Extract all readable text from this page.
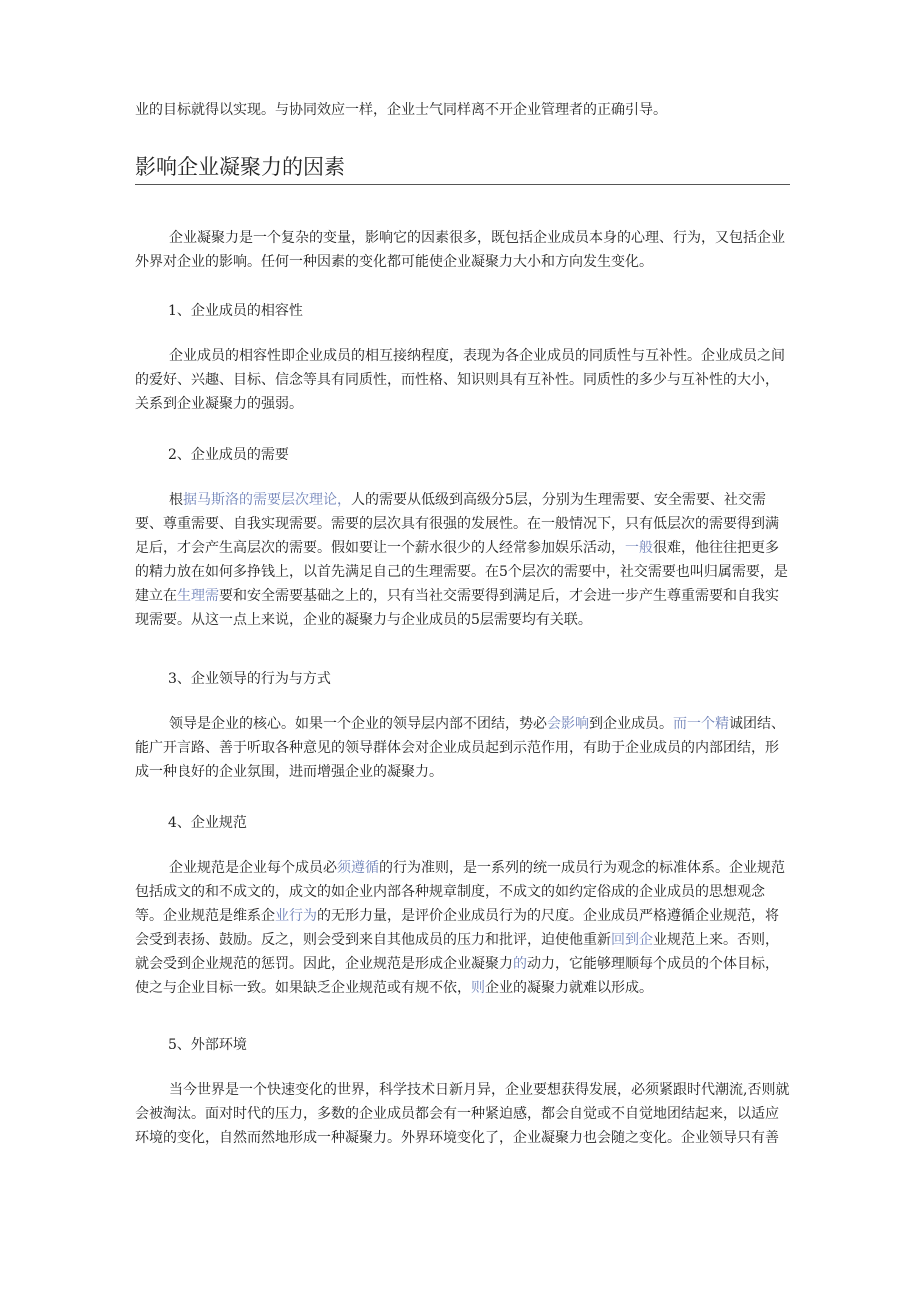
业的目标就得以实现。与协同效应一样，企业士气同样离不开企业管理者的正确引导。
影响企业凝聚力的因素
企业凝聚力是一个复杂的变量，影响它的因素很多，既包括企业成员本身的心理、行为，又包括企业外界对企业的影响。任何一种因素的变化都可能使企业凝聚力大小和方向发生变化。
1、企业成员的相容性
企业成员的相容性即企业成员的相互接纳程度，表现为各企业成员的同质性与互补性。企业成员之间的爱好、兴趣、目标、信念等具有同质性，而性格、知识则具有互补性。同质性的多少与互补性的大小，关系到企业凝聚力的强弱。
2、企业成员的需要
根据马斯洛的需要层次理论，人的需要从低级到高级分5层，分别为生理需要、安全需要、社交需要、尊重需要、自我实现需要。需要的层次具有很强的发展性。在一般情况下，只有低层次的需要得到满足后，才会产生高层次的需要。假如要让一个薪水很少的人经常参加娱乐活动，一般很难，他往往把更多的精力放在如何多挣钱上，以首先满足自己的生理需要。在5个层次的需要中，社交需要也叫归属需要，是建立在生理需要和安全需要基础之上的，只有当社交需要得到满足后，才会进一步产生尊重需要和自我实现需要。从这一点上来说，企业的凝聚力与企业成员的5层需要均有关联。
3、企业领导的行为与方式
领导是企业的核心。如果一个企业的领导层内部不团结，势必会影响到企业成员。而一个精诚团结、能广开言路、善于听取各种意见的领导群体会对企业成员起到示范作用，有助于企业成员的内部团结，形成一种良好的企业氛围，进而增强企业的凝聚力。
4、企业规范
企业规范是企业每个成员必须遵循的行为准则，是一系列的统一成员行为观念的标准体系。企业规范包括成文的和不成文的，成文的如企业内部各种规章制度，不成文的如约定俗成的企业成员的思想观念等。企业规范是维系企业行为的无形力量，是评价企业成员行为的尺度。企业成员严格遵循企业规范，将会受到表扬、鼓励。反之，则会受到来自其他成员的压力和批评，迫使他重新回到企业规范上来。否则，就会受到企业规范的惩罚。因此，企业规范是形成企业凝聚力的动力，它能够理顺每个成员的个体目标，使之与企业目标一致。如果缺乏企业规范或有规不依，则企业的凝聚力就难以形成。
5、外部环境
当今世界是一个快速变化的世界，科学技术日新月异，企业要想获得发展，必须紧跟时代潮流,否则就会被淘汰。面对时代的压力，多数的企业成员都会有一种紧迫感，都会自觉或不自觉地团结起来，以适应环境的变化，自然而然地形成一种凝聚力。外界环境变化了，企业凝聚力也会随之变化。企业领导只有善
